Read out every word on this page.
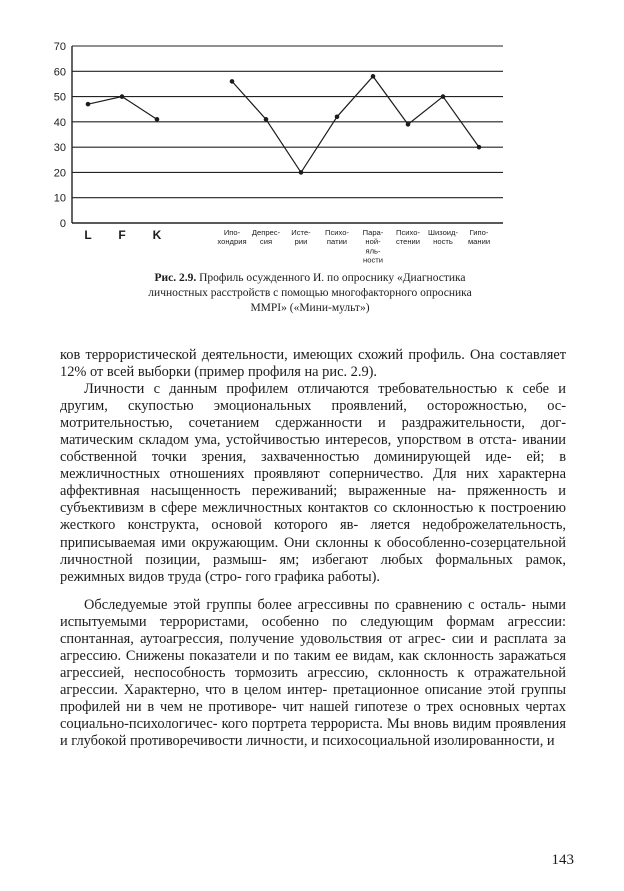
0
10
20
30
40
50
60
70
L F K	Ипо-хондрия
Депрес-сия
Исте-рии
Психо-патии
Пара-ной-яль-ности
Психо-стении
Шизоид-ность
Гипо-мании
Рис. 2.9. Профиль осужденного И. по опроснику «Диагностика
личностных расстройств с помощью многофакторного опросника
MMPI» («Мини-мульт»)

ков террористической деятельности, имеющих схожий профиль. Она составляет 12% от всей выборки (пример профиля на рис. 2.9).

Личности с данным профилем отличаются требовательностью к себе и другим, скупостью эмоциональных проявлений, осторожностью, ос- мотрительностью, сочетанием сдержанности и раздражительности, дог- матическим складом ума, устойчивостью интересов, упорством в отста- ивании собственной точки зрения, захваченностью доминирующей иде- ей; в межличностных отношениях проявляют соперничество. Для них характерна аффективная насыщенность переживаний; выраженные на- пряженность и субъективизм в сфере межличностных контактов со склонностью к построению жесткого конструкта, основой которого яв- ляется недоброжелательность, приписываемая ими окружающим. Они склонны к обособленно-созерцательной личностной позиции, размыш- ям; избегают любых формальных рамок, режимных видов труда (стро- гого графика работы).

Обследуемые этой группы более агрессивны по сравнению с осталь- ными испытуемыми террористами, особенно по следующим формам агрессии: спонтанная, аутоагрессия, получение удовольствия от агрес- сии и расплата за агрессию. Снижены показатели и по таким ее видам, как склонность заражаться агрессией, неспособность тормозить агрессию, склонность к отражательной агрессии. Характерно, что в целом интер- претационное описание этой группы профилей ни в чем не противоре- чит нашей гипотезе о трех основных чертах социально-психологичес- кого портрета террориста. Мы вновь видим проявления и глубокой противоречивости личности, и психосоциальной изолированности, и

143
